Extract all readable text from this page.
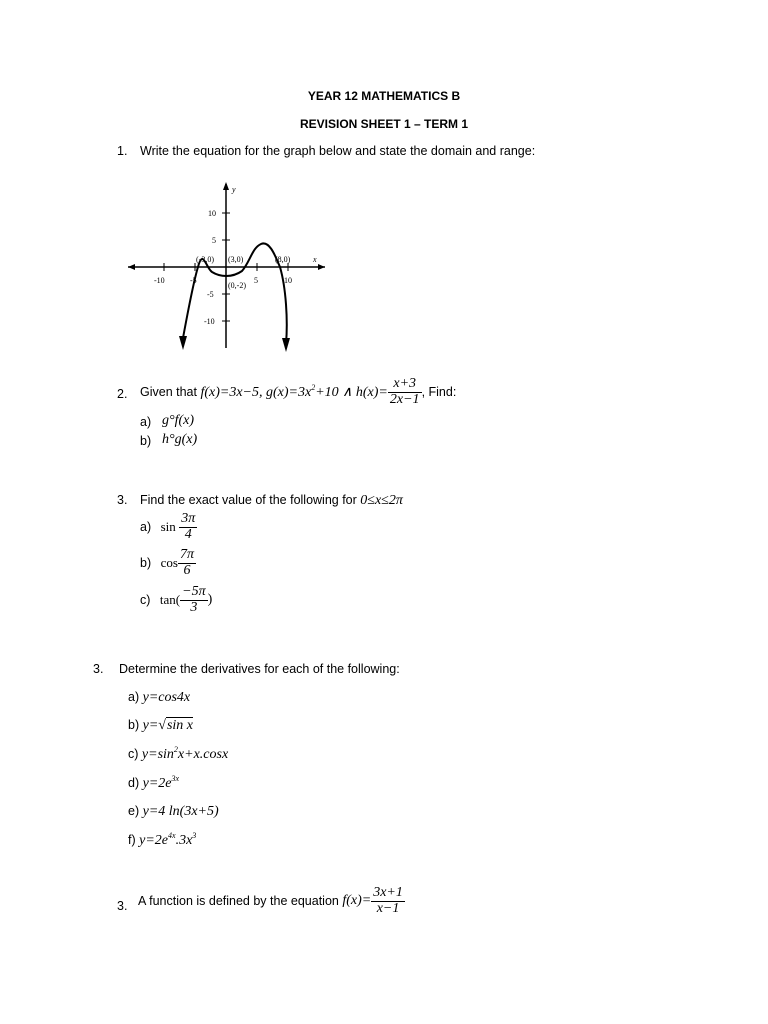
YEAR 12 MATHEMATICS B
REVISION SHEET 1 – TERM 1
1. Write the equation for the graph below and state the domain and range:
y
x
10
5
-5
-10
-10	-5	5	10
(-3,0) (3,0)	(8,0)
(0,-2)
2. Given that f(x)=3x−5, $g(x)=3x^2+10$ ∧ $h(x)= \frac{x+3}{2x-1}$ , Find:
a) g°f(x)
b) h°g(x)
3. Find the exact value of the following for 0≤x≤2π
a) $\sin \frac{3\pi}{4}$
b) $\cos \frac{7\pi}{6}$
c) $\tan( \frac{-5\pi}{3}$ )
3. Determine the derivatives for each of the following:
a) y=cos4x
b) y=√sin x
c) $y=\sin^2x+x.\cos x$
d) $y=2e^{3x}$
e) y=4 ln(3x+5)
f) $y=2e^{4x}.3x^3$
3. A function is defined by the equation $f(x)= \frac{3x+1}{x-1}$
